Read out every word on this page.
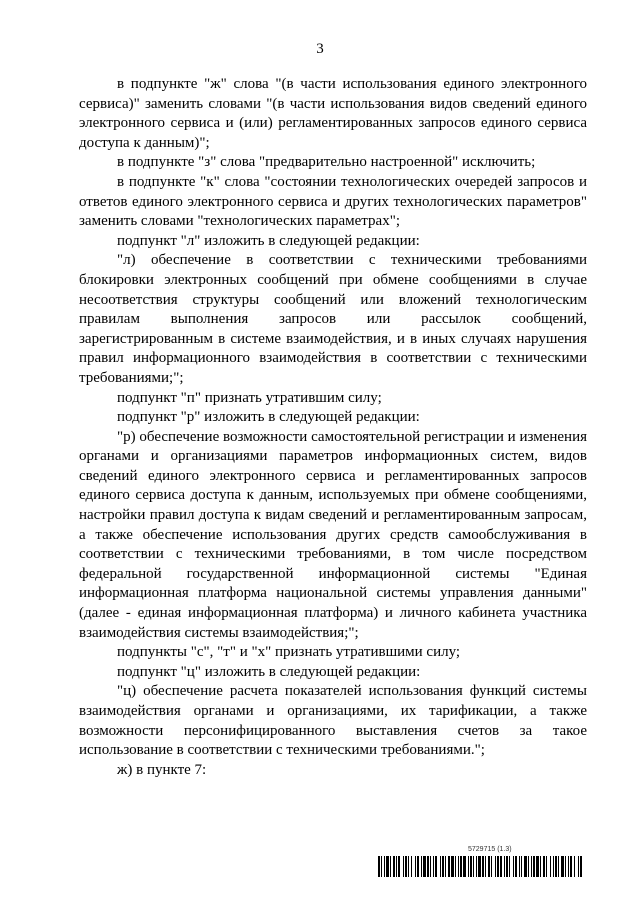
3

в подпункте "ж" слова "(в части использования единого электронного сервиса)" заменить словами "(в части использования видов сведений единого электронного сервиса и (или) регламентированных запросов единого сервиса доступа к данным)";

в подпункте "з" слова "предварительно настроенной" исключить;

в подпункте "к" слова "состоянии технологических очередей запросов и ответов единого электронного сервиса и других технологических параметров" заменить словами "технологических параметрах";

подпункт "л" изложить в следующей редакции:

"л) обеспечение в соответствии с техническими требованиями блокировки электронных сообщений при обмене сообщениями в случае несоответствия структуры сообщений или вложений технологическим правилам выполнения запросов или рассылок сообщений, зарегистрированным в системе взаимодействия, и в иных случаях нарушения правил информационного взаимодействия в соответствии с техническими требованиями;";

подпункт "п" признать утратившим силу;

подпункт "р" изложить в следующей редакции:

"р) обеспечение возможности самостоятельной регистрации и изменения органами и организациями параметров информационных систем, видов сведений единого электронного сервиса и регламентированных запросов единого сервиса доступа к данным, используемых при обмене сообщениями, настройки правил доступа к видам сведений и регламентированным запросам, а также обеспечение использования других средств самообслуживания в соответствии с техническими требованиями, в том числе посредством федеральной государственной информационной системы "Единая информационная платформа национальной системы управления данными" (далее - единая информационная платформа) и личного кабинета участника взаимодействия системы взаимодействия;";

подпункты "с", "т" и "х" признать утратившими силу;

подпункт "ц" изложить в следующей редакции:

"ц) обеспечение расчета показателей использования функций системы взаимодействия органами и организациями, их тарификации, а также возможности персонифицированного выставления счетов за такое использование в соответствии с техническими требованиями.";

ж) в пункте 7:

5729715 (1.3)
